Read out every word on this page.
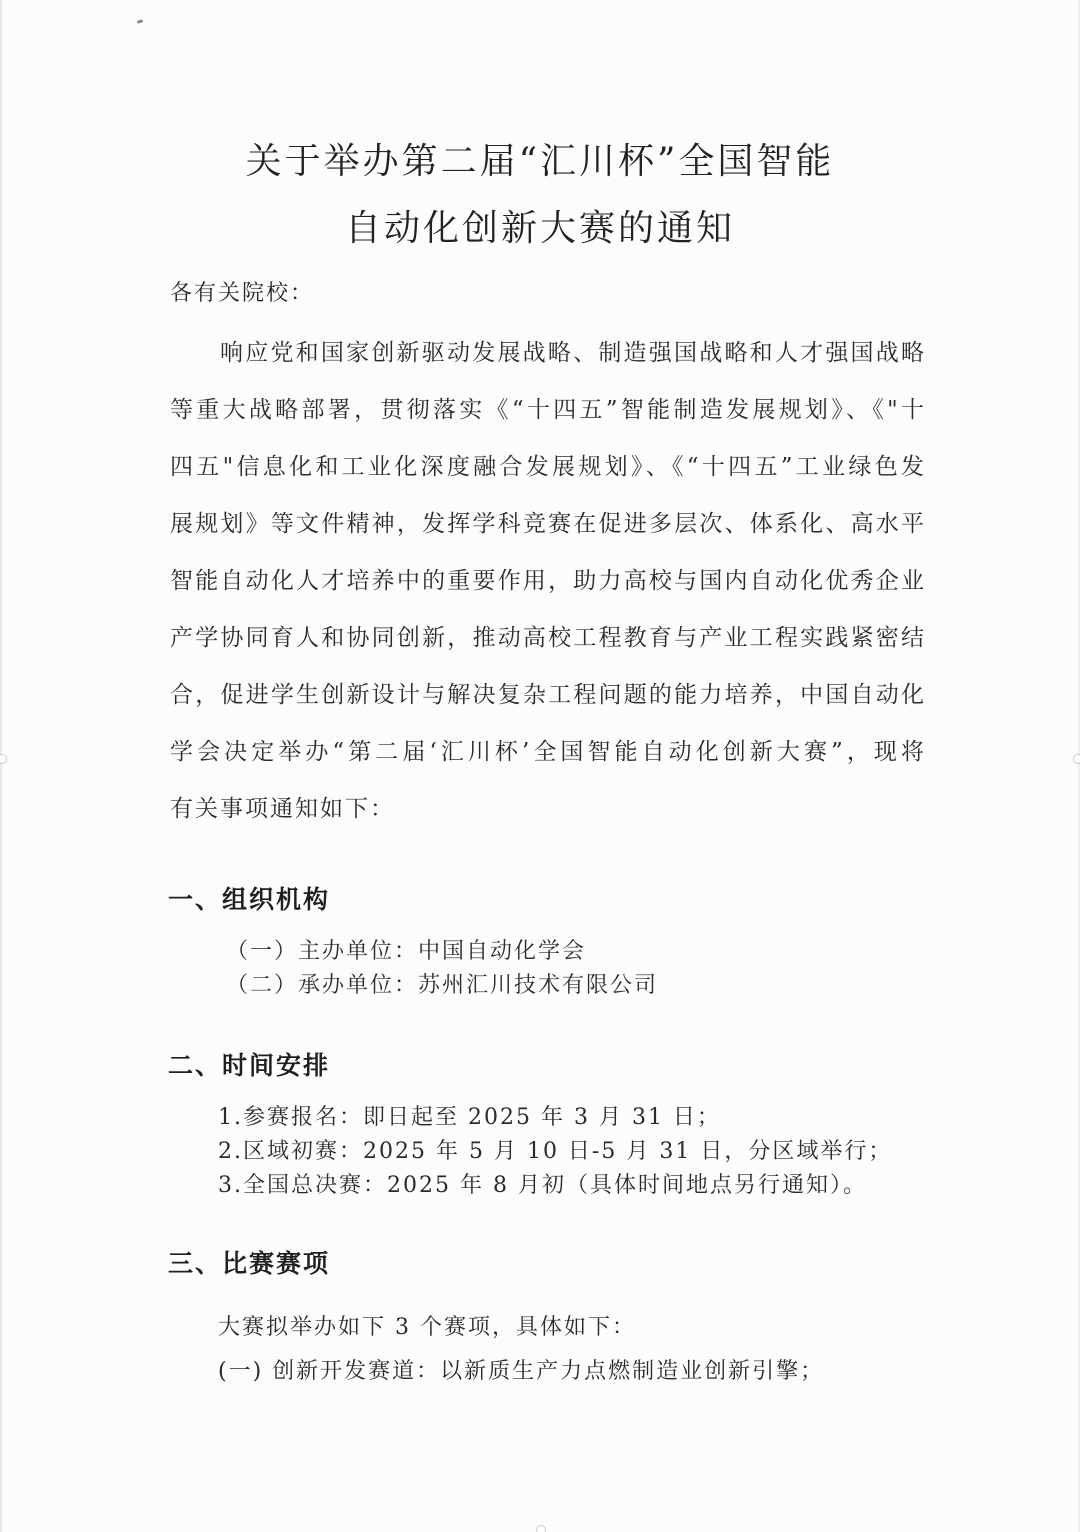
关于举办第二届“汇川杯”全国智能
自动化创新大赛的通知
各有关院校：
响应党和国家创新驱动发展战略、制造强国战略和人才强国战略
等重大战略部署，贯彻落实《“十四五”智能制造发展规划》、《"十
四五"信息化和工业化深度融合发展规划》、《“十四五”工业绿色发
展规划》等文件精神，发挥学科竞赛在促进多层次、体系化、高水平
智能自动化人才培养中的重要作用，助力高校与国内自动化优秀企业
产学协同育人和协同创新，推动高校工程教育与产业工程实践紧密结
合，促进学生创新设计与解决复杂工程问题的能力培养，中国自动化
学会决定举办“第二届‘汇川杯’全国智能自动化创新大赛”，现将
有关事项通知如下：
一、组织机构
（一）主办单位：中国自动化学会
（二）承办单位：苏州汇川技术有限公司
二、时间安排
1.参赛报名：即日起至 2025 年 3 月 31 日；
2.区域初赛：2025 年 5 月 10 日-5 月 31 日，分区域举行；
3.全国总决赛：2025 年 8 月初（具体时间地点另行通知）。
三、比赛赛项
大赛拟举办如下 3 个赛项，具体如下：
(一) 创新开发赛道：以新质生产力点燃制造业创新引擎；
